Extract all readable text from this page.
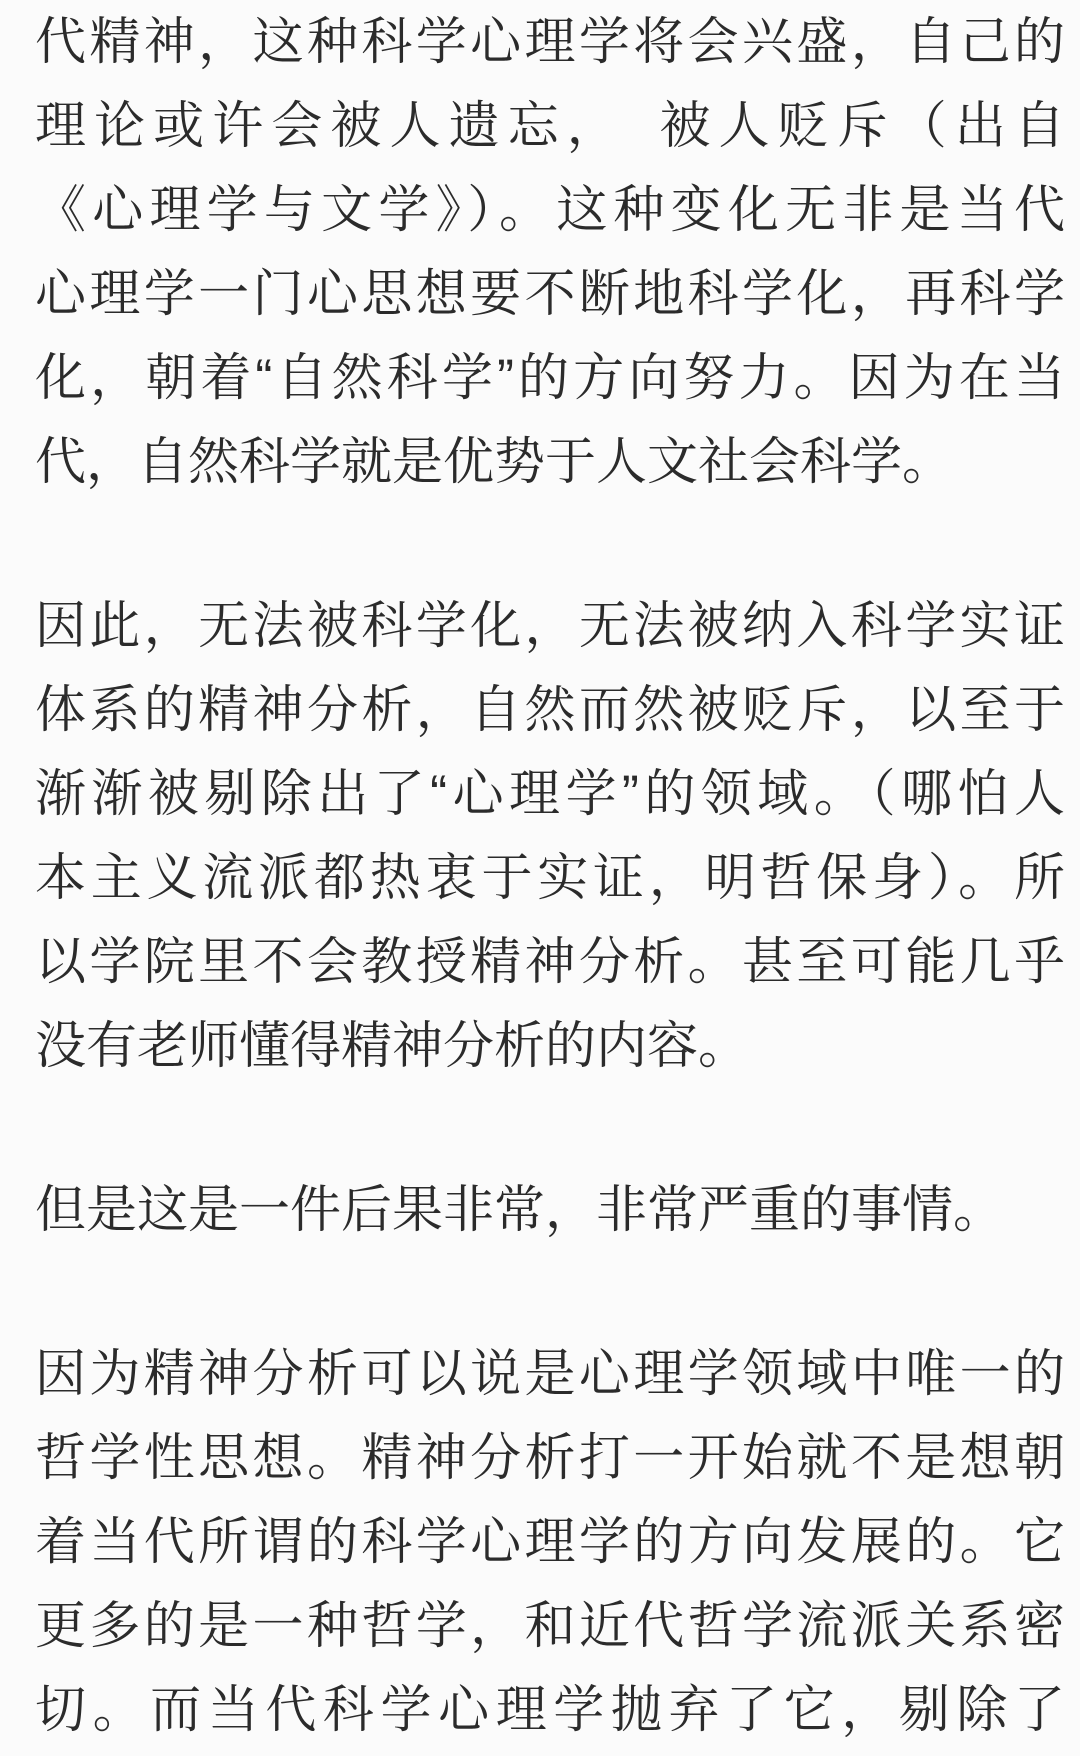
代精神，这种科学心理学将会兴盛，自己的
理论或许会被人遗忘，　被人贬斥（出自
《心理学与文学》）。这种变化无非是当代
心理学一门心思想要不断地科学化，再科学
化，朝着“自然科学”的方向努力。因为在当
代，自然科学就是优势于人文社会科学。
因此，无法被科学化，无法被纳入科学实证
体系的精神分析，自然而然被贬斥，以至于
渐渐被剔除出了“心理学”的领域。（哪怕人
本主义流派都热衷于实证，明哲保身）。所
以学院里不会教授精神分析。甚至可能几乎
没有老师懂得精神分析的内容。
但是这是一件后果非常，非常严重的事情。
因为精神分析可以说是心理学领域中唯一的
哲学性思想。精神分析打一开始就不是想朝
着当代所谓的科学心理学的方向发展的。它
更多的是一种哲学，和近代哲学流派关系密
切。而当代科学心理学抛弃了它，剔除了
